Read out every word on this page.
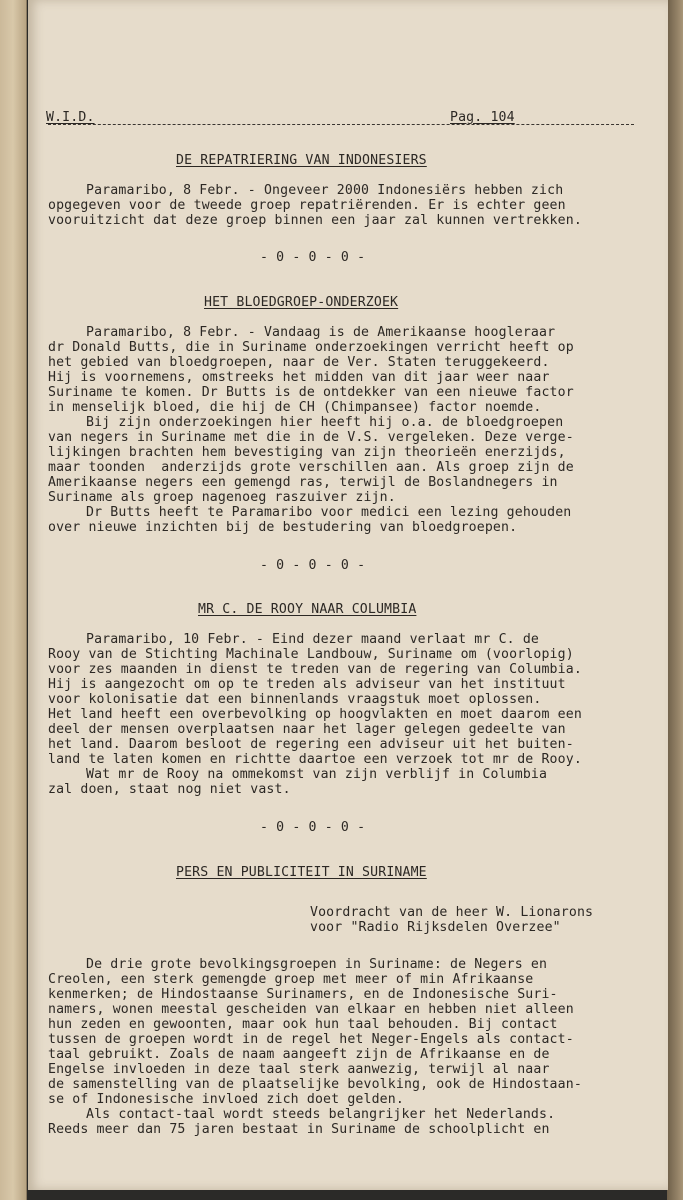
W.I.D.	Pag. 104
DE REPATRIERING VAN INDONESIERS
Paramaribo, 8 Febr. - Ongeveer 2000 Indonesiërs hebben zich
opgegeven voor de tweede groep repatriërenden. Er is echter geen
vooruitzicht dat deze groep binnen een jaar zal kunnen vertrekken.
- 0 - 0 - 0 -
HET BLOEDGROEP-ONDERZOEK
Paramaribo, 8 Febr. - Vandaag is de Amerikaanse hoogleraar
dr Donald Butts, die in Suriname onderzoekingen verricht heeft op
het gebied van bloedgroepen, naar de Ver. Staten teruggekeerd.
Hij is voornemens, omstreeks het midden van dit jaar weer naar
Suriname te komen. Dr Butts is de ontdekker van een nieuwe factor
in menselijk bloed, die hij de CH (Chimpansee) factor noemde.
Bij zijn onderzoekingen hier heeft hij o.a. de bloedgroepen
van negers in Suriname met die in de V.S. vergeleken. Deze verge-
lijkingen brachten hem bevestiging van zijn theorieën enerzijds,
maar toonden  anderzijds grote verschillen aan. Als groep zijn de
Amerikaanse negers een gemengd ras, terwijl de Boslandnegers in
Suriname als groep nagenoeg raszuiver zijn.
Dr Butts heeft te Paramaribo voor medici een lezing gehouden
over nieuwe inzichten bij de bestudering van bloedgroepen.
- 0 - 0 - 0 -
MR C. DE ROOY NAAR COLUMBIA
Paramaribo, 10 Febr. - Eind dezer maand verlaat mr C. de
Rooy van de Stichting Machinale Landbouw, Suriname om (voorlopig)
voor zes maanden in dienst te treden van de regering van Columbia.
Hij is aangezocht om op te treden als adviseur van het instituut
voor kolonisatie dat een binnenlands vraagstuk moet oplossen.
Het land heeft een overbevolking op hoogvlakten en moet daarom een
deel der mensen overplaatsen naar het lager gelegen gedeelte van
het land. Daarom besloot de regering een adviseur uit het buiten-
land te laten komen en richtte daartoe een verzoek tot mr de Rooy.
Wat mr de Rooy na ommekomst van zijn verblijf in Columbia
zal doen, staat nog niet vast.
- 0 - 0 - 0 -
PERS EN PUBLICITEIT IN SURINAME
Voordracht van de heer W. Lionarons
voor "Radio Rijksdelen Overzee"
De drie grote bevolkingsgroepen in Suriname: de Negers en
Creolen, een sterk gemengde groep met meer of min Afrikaanse
kenmerken; de Hindostaanse Surinamers, en de Indonesische Suri-
namers, wonen meestal gescheiden van elkaar en hebben niet alleen
hun zeden en gewoonten, maar ook hun taal behouden. Bij contact
tussen de groepen wordt in de regel het Neger-Engels als contact-
taal gebruikt. Zoals de naam aangeeft zijn de Afrikaanse en de
Engelse invloeden in deze taal sterk aanwezig, terwijl al naar
de samenstelling van de plaatselijke bevolking, ook de Hindostaan-
se of Indonesische invloed zich doet gelden.
Als contact-taal wordt steeds belangrijker het Nederlands.
Reeds meer dan 75 jaren bestaat in Suriname de schoolplicht en
